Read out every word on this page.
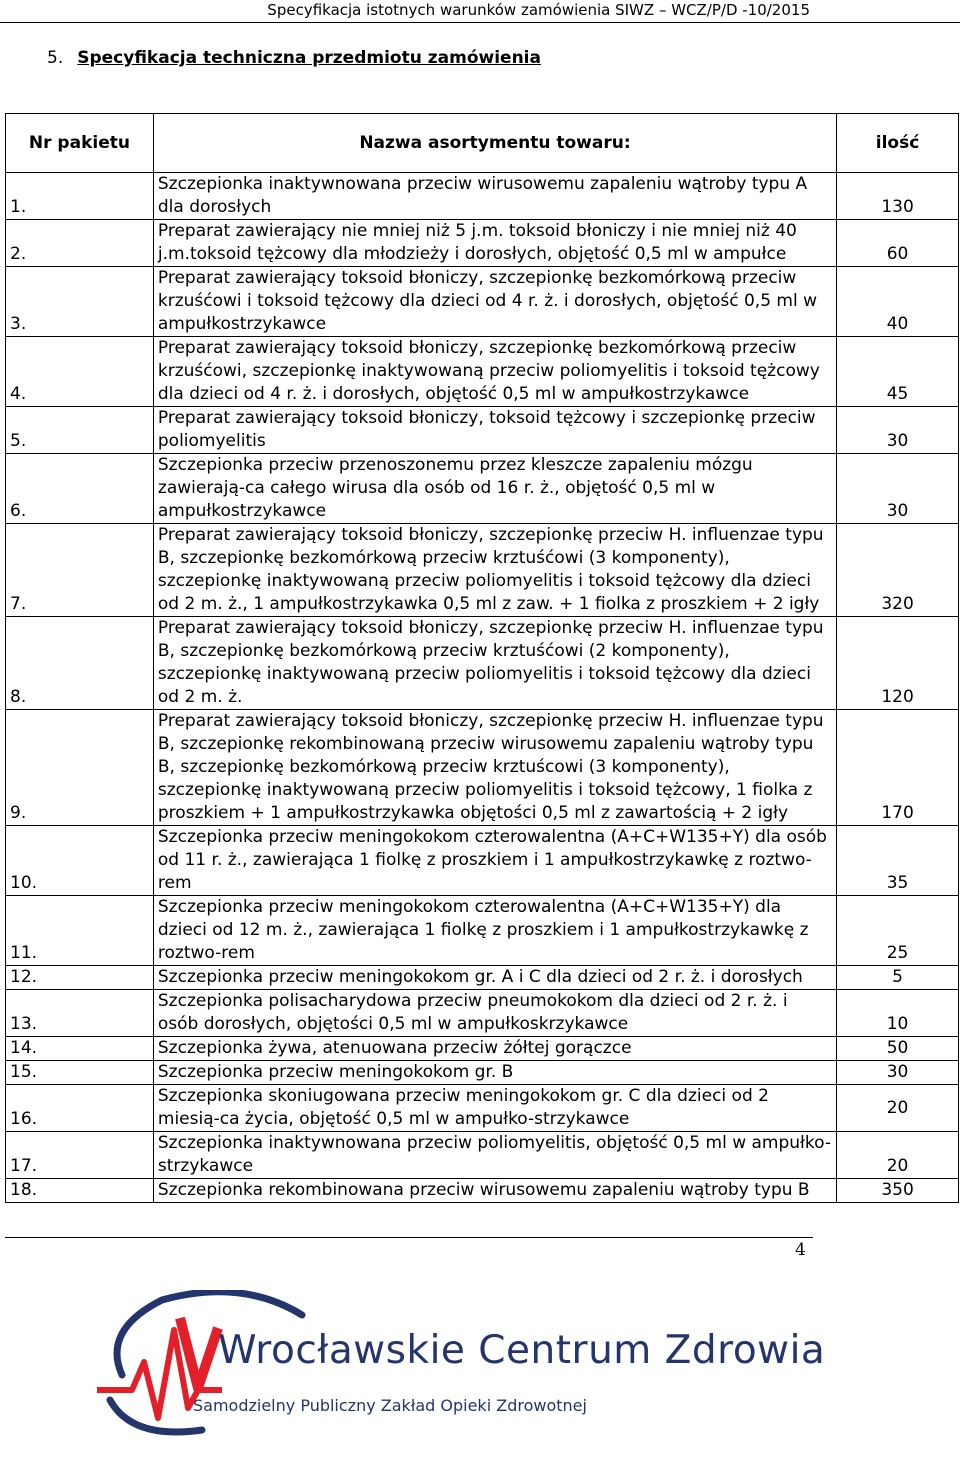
Specyfikacja istotnych warunków zamówienia SIWZ – WCZ/P/D -10/2015
5. Specyfikacja techniczna przedmiotu zamówienia
Nr pakietu	Nazwa asortymentu towaru:	ilość
1.	Szczepionka inaktywnowana przeciw wirusowemu zapaleniu wątroby typu A dla dorosłych	130
2.	Preparat zawierający nie mniej niż 5 j.m. toksoid błoniczy i nie mniej niż 40 j.m.toksoid tężcowy dla młodzieży i dorosłych, objętość 0,5 ml w ampułce	60
3.	Preparat zawierający toksoid błoniczy, szczepionkę bezkomórkową przeciw krzuśćowi i toksoid tężcowy dla dzieci od 4 r. ż. i dorosłych, objętość 0,5 ml w ampułkostrzykawce	40
4.	Preparat zawierający toksoid błoniczy, szczepionkę bezkomórkową przeciw krzuśćowi, szczepionkę inaktywowaną przeciw poliomyelitis i toksoid tężcowy dla dzieci od 4 r. ż. i dorosłych, objętość 0,5 ml w ampułkostrzykawce	45
5.	Preparat zawierający toksoid błoniczy, toksoid tężcowy i szczepionkę przeciw poliomyelitis	30
6.	Szczepionka przeciw przenoszonemu przez kleszcze zapaleniu mózgu zawierają-ca całego wirusa dla osób od 16 r. ż., objętość 0,5 ml w ampułkostrzykawce	30
7.	Preparat zawierający toksoid błoniczy, szczepionkę przeciw H. influenzae typu B, szczepionkę bezkomórkową przeciw krztuśćowi (3 komponenty), szczepionkę inaktywowaną przeciw poliomyelitis i toksoid tężcowy dla dzieci od 2 m. ż., 1 ampułkostrzykawka 0,5 ml z zaw. + 1 fiolka z proszkiem + 2 igły	320
8.	Preparat zawierający toksoid błoniczy, szczepionkę przeciw H. influenzae typu B, szczepionkę bezkomórkową przeciw krztuśćowi (2 komponenty), szczepionkę inaktywowaną przeciw poliomyelitis i toksoid tężcowy dla dzieci od 2 m. ż.	120
9.	Preparat zawierający toksoid błoniczy, szczepionkę przeciw H. influenzae typu B, szczepionkę rekombinowaną przeciw wirusowemu zapaleniu wątroby typu B, szczepionkę bezkomórkową przeciw krztuścowi (3 komponenty), szczepionkę inaktywowaną przeciw poliomyelitis i toksoid tężcowy, 1 fiolka z proszkiem + 1 ampułkostrzykawka objętości 0,5 ml z zawartością + 2 igły	170
10.	Szczepionka przeciw meningokokom czterowalentna (A+C+W135+Y) dla osób od 11 r. ż., zawierająca 1 fiolkę z proszkiem i 1 ampułkostrzykawkę z roztwo-rem	35
11.	Szczepionka przeciw meningokokom czterowalentna (A+C+W135+Y) dla dzieci od 12 m. ż., zawierająca 1 fiolkę z proszkiem i 1 ampułkostrzykawkę z roztwo-rem	25
12.	Szczepionka przeciw meningokokom gr. A i C dla dzieci od 2 r. ż. i dorosłych	5
13.	Szczepionka polisacharydowa przeciw pneumokokom dla dzieci od 2 r. ż. i osób dorosłych, objętości 0,5 ml w ampułkoskrzykawce	10
14.	Szczepionka żywa, atenuowana przeciw żółtej gorączce	50
15.	Szczepionka przeciw meningokokom gr. B	30
16.	Szczepionka skoniugowana przeciw meningokokom gr. C dla dzieci od 2 miesią-ca życia, objętość 0,5 ml w ampułko-strzykawce	20
17.	Szczepionka inaktywnowana przeciw poliomyelitis, objętość 0,5 ml w ampułko-strzykawce	20
18.	Szczepionka rekombinowana przeciw wirusowemu zapaleniu wątroby typu B	350
4
Wrocławskie Centrum Zdrowia
Samodzielny Publiczny Zakład Opieki Zdrowotnej
